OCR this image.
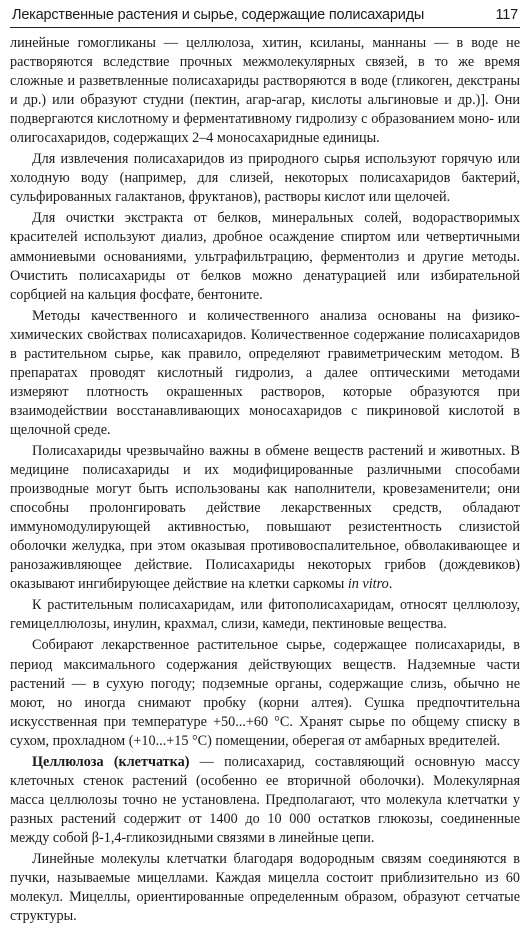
Лекарственные растения и сырье, содержащие полисахариды	117

линейные гомогликаны — целлюлоза, хитин, ксиланы, маннаны — в воде не растворяются вследствие прочных межмолекулярных связей, в то же время сложные и разветвленные полисахариды растворяются в воде (гликоген, декстраны и др.) или образуют студни (пектин, агар-агар, кислоты альгиновые и др.)]. Они подвергаются кислотному и ферментативному гидролизу с образованием моно- или олигосахаридов, содержащих 2–4 моносахаридные единицы.

Для извлечения полисахаридов из природного сырья используют горячую или холодную воду (например, для слизей, некоторых полисахаридов бактерий, сульфированных галактанов, фруктанов), растворы кислот или щелочей.

Для очистки экстракта от белков, минеральных солей, водорастворимых красителей используют диализ, дробное осаждение спиртом или четвертичными аммониевыми основаниями, ультрафильтрацию, ферментолиз и другие методы. Очистить полисахариды от белков можно денатурацией или избирательной сорбцией на кальция фосфате, бентоните.

Методы качественного и количественного анализа основаны на физико-химических свойствах полисахаридов. Количественное содержание полисахаридов в растительном сырье, как правило, определяют гравиметрическим методом. В препаратах проводят кислотный гидролиз, а далее оптическими методами измеряют плотность окрашенных растворов, которые образуются при взаимодействии восстанавливающих моносахаридов с пикриновой кислотой в щелочной среде.

Полисахариды чрезвычайно важны в обмене веществ растений и животных. В медицине полисахариды и их модифицированные различными способами производные могут быть использованы как наполнители, кровезаменители; они способны пролонгировать действие лекарственных средств, обладают иммуномодулирующей активностью, повышают резистентность слизистой оболочки желудка, при этом оказывая противовоспалительное, обволакивающее и ранозаживляющее действие. Полисахариды некоторых грибов (дождевиков) оказывают ингибирующее действие на клетки саркомы in vitro.

К растительным полисахаридам, или фитополисахаридам, относят целлюлозу, гемицеллюлозы, инулин, крахмал, слизи, камеди, пектиновые вещества.

Собирают лекарственное растительное сырье, содержащее полисахариды, в период максимального содержания действующих веществ. Надземные части растений — в сухую погоду; подземные органы, содержащие слизь, обычно не моют, но иногда снимают пробку (корни алтея). Сушка предпочтительна искусственная при температуре +50...+60 °С. Хранят сырье по общему списку в сухом, прохладном (+10...+15 °С) помещении, оберегая от амбарных вредителей.

Целлюлоза (клетчатка) — полисахарид, составляющий основную массу клеточных стенок растений (особенно ее вторичной оболочки). Молекулярная масса целлюлозы точно не установлена. Предполагают, что молекула клетчатки у разных растений содержит от 1400 до 10 000 остатков глюкозы, соединенные между собой β-1,4-гликозидными связями в линейные цепи.

Линейные молекулы клетчатки благодаря водородным связям соединяются в пучки, называемые мицеллами. Каждая мицелла состоит приблизительно из 60 молекул. Мицеллы, ориентированные определенным образом, образуют сетчатые структуры.
